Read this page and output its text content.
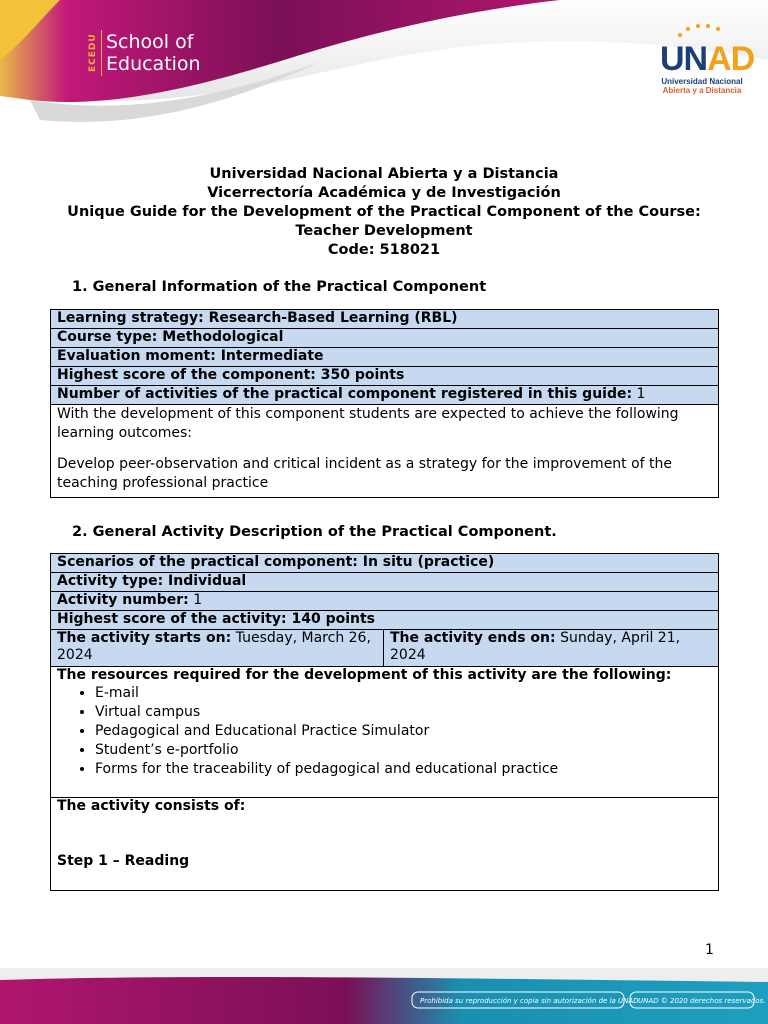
ECEDU School of
Education	UNAD
Universidad Nacional
Abierta y a Distancia
Universidad Nacional Abierta y a Distancia
Vicerrectoría Académica y de Investigación
Unique Guide for the Development of the Practical Component of the Course:
Teacher Development
Code: 518021
1. General Information of the Practical Component
Learning strategy: Research-Based Learning (RBL)
Course type: Methodological
Evaluation moment: Intermediate
Highest score of the component: 350 points
Number of activities of the practical component registered in this guide: 1

With the development of this component students are expected to achieve the following learning outcomes:
Develop peer-observation and critical incident as a strategy for the improvement of the teaching professional practice
2. General Activity Description of the Practical Component.
Scenarios of the practical component: In situ (practice)
Activity type: Individual
Activity number: 1
Highest score of the activity: 140 points
The activity starts on: Tuesday, March 26, 2024	The activity ends on: Sunday, April 21, 2024

The resources required for the development of this activity are the following:
• E-mail
• Virtual campus
• Pedagogical and Educational Practice Simulator
• Student’s e-portfolio
• Forms for the traceability of pedagogical and educational practice

The activity consists of:
Step 1 – Reading
1
Prohibida su reproducción y copia sin autorización de la UNAD.
UNAD © 2020 derechos reservados.
